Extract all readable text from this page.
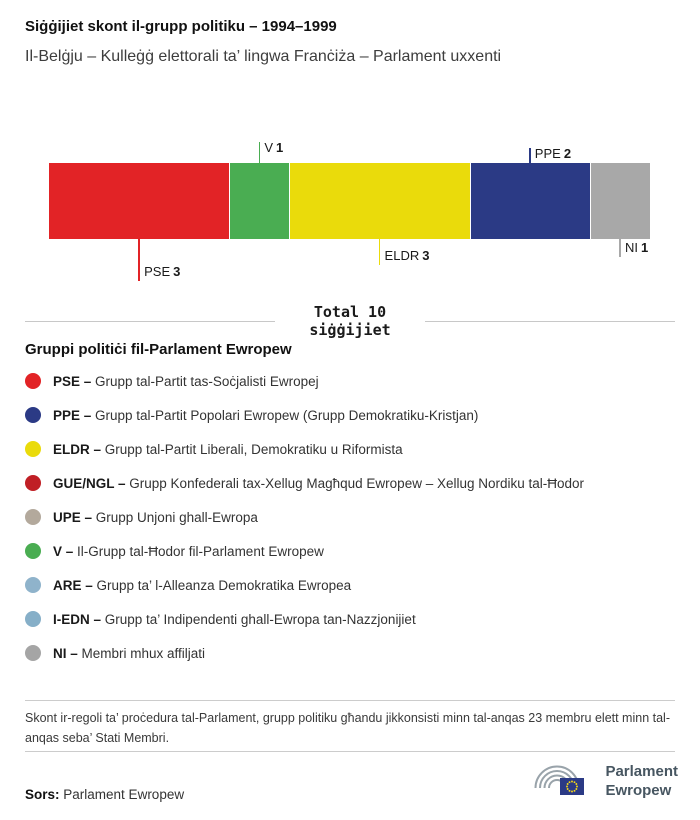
Siġġijiet skont il-grupp politiku – 1994–1999
Il-Belġju – Kulleġġ elettorali ta’ lingwa Franċiża – Parlament uxxenti
PSE 3
V 1
ELDR 3
PPE 2
NI 1
Total 10
siġġijiet
Gruppi politiċi fil-Parlament Ewropew
PSE – Grupp tal-Partit tas-Soċjalisti Ewropej
PPE – Grupp tal-Partit Popolari Ewropew (Grupp Demokratiku-Kristjan)
ELDR – Grupp tal-Partit Liberali, Demokratiku u Riformista
GUE/NGL – Grupp Konfederali tax-Xellug Magħqud Ewropew – Xellug Nordiku tal-Ħodor
UPE – Grupp Unjoni ghall-Ewropa
V – Il-Grupp tal-Ħodor fil-Parlament Ewropew
ARE – Grupp ta’ l-Alleanza Demokratika Ewropea
I-EDN – Grupp ta’ Indipendenti ghall-Ewropa tan-Nazzjonijiet
NI – Membri mhux affiljati
Skont ir-regoli ta’ proċedura tal-Parlament, grupp politiku għandu jikkonsisti minn tal-anqas 23 membru elett minn tal-anqas seba’ Stati Membri.
Sors: Parlament Ewropew
Parlament
Ewropew
